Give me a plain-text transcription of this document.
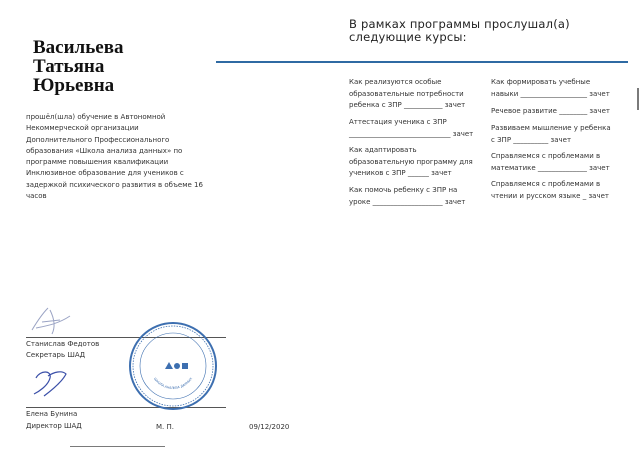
Васильева
Татьяна
Юрьевна
прошёл(шла) обучение в Автономной Некоммерческой организации Дополнительного Профессионального образования «Школа анализа данных» по программе повышения квалификации Инклюзивное образование для учеников с задержкой психического развития в объеме 16 часов
В рамках программы прослушал(а)
следующие курсы:
Как реализуются особые образовательные потребности ребенка с ЗПР ___________ зачет
Аттестация ученика с ЗПР _____________________________ зачет
Как адаптировать образовательную программу для учеников с ЗПР ______ зачет
Как помочь ребенку с ЗПР на уроке ____________________ зачет
Как формировать учебные навыки ___________________ зачет
Речевое развитие ________ зачет
Развиваем мышление у ребенка с ЗПР __________ зачет
Справляемся с проблемами в математике ______________ зачет
Справляемся с проблемами в чтении и русском языке _ зачет
Станислав Федотов
Секретарь ШАД
Елена Бунина
Директор ШАД
ШКОЛА АНАЛИЗА ДАННЫХ
М. П.	09/12/2020
